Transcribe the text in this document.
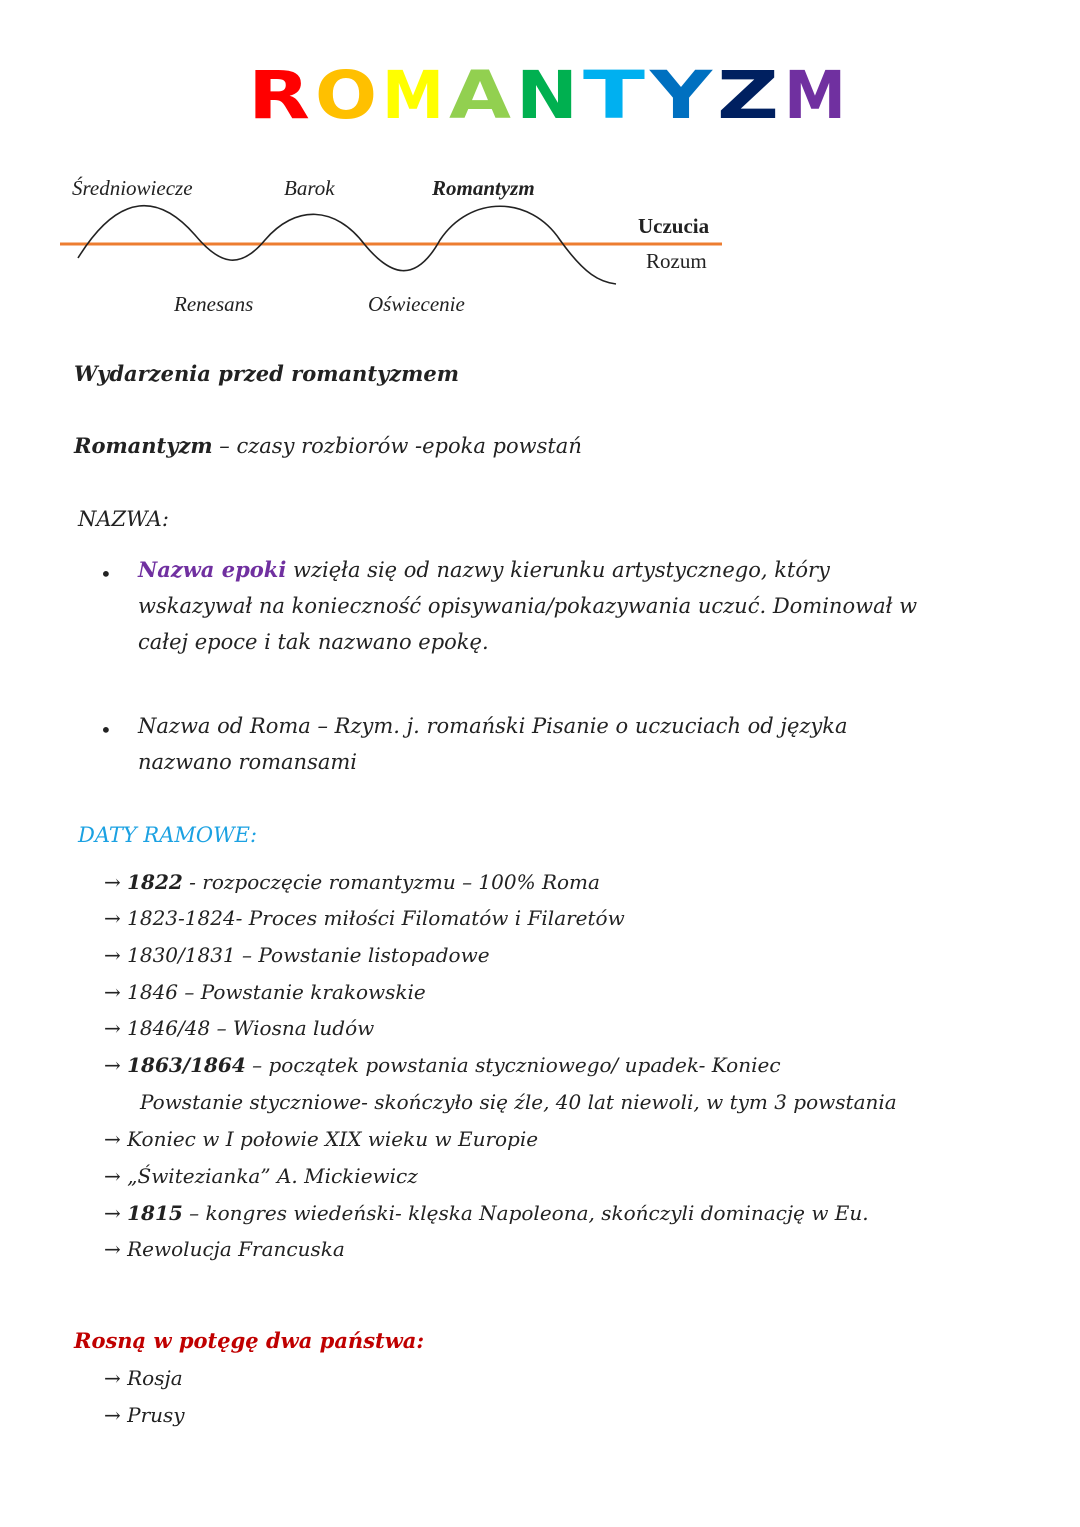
R O M A N T Y Z M
Średniowiecze	Barok	Romantyzm
Renesans	Oświecenie
Uczucia
Rozum
Wydarzenia przed romantyzmem
Romantyzm – czasy rozbiorów -epoka powstań
NAZWA:
• Nazwa epoki wzięła się od nazwy kierunku artystycznego, który
wskazywał na konieczność opisywania/pokazywania uczuć. Dominował w
całej epoce i tak nazwano epokę.
• Nazwa od Roma – Rzym. j. romański Pisanie o uczuciach od języka
nazwano romansami
DATY RAMOWE:
→ 1822 - rozpoczęcie romantyzmu – 100% Roma
→ 1823-1824- Proces miłości Filomatów i Filaretów
→ 1830/1831 – Powstanie listopadowe
→ 1846 – Powstanie krakowskie
→ 1846/48 – Wiosna ludów
→ 1863/1864 – początek powstania styczniowego/ upadek- Koniec
→ Koniec w I połowie XIX wieku w Europie
→ „Świtezianka” A. Mickiewicz
→ 1815 – kongres wiedeński- klęska Napoleona, skończyli dominację w Eu.
→ Rewolucja Francuska
Powstanie styczniowe- skończyło się źle, 40 lat niewoli, w tym 3 powstania
Rosną w potęgę dwa państwa:
→ Rosja
→ Prusy
